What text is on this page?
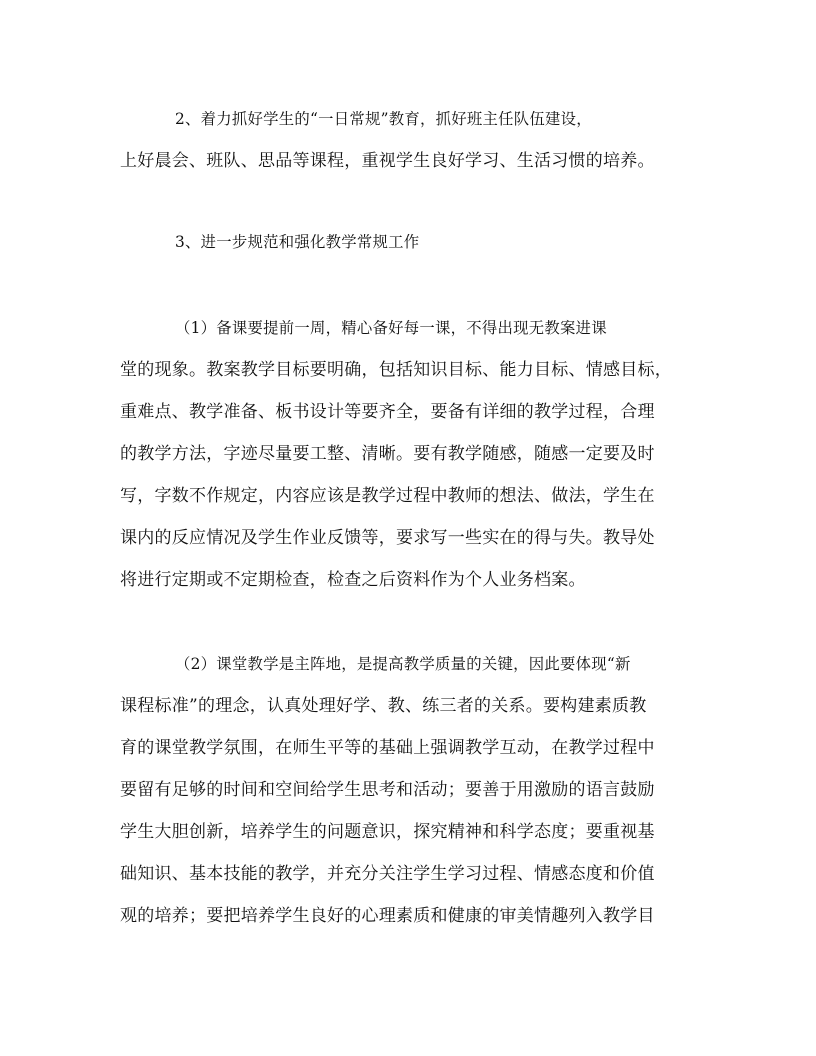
2、着力抓好学生的“一日常规”教育，抓好班主任队伍建设，
上好晨会、班队、思品等课程，重视学生良好学习、生活习惯的培养。
3、进一步规范和强化教学常规工作
（1）备课要提前一周，精心备好每一课，不得出现无教案进课
堂的现象。教案教学目标要明确，包括知识目标、能力目标、情感目标，
重难点、教学准备、板书设计等要齐全，要备有详细的教学过程，合理
的教学方法，字迹尽量要工整、清晰。要有教学随感，随感一定要及时
写，字数不作规定，内容应该是教学过程中教师的想法、做法，学生在
课内的反应情况及学生作业反馈等，要求写一些实在的得与失。教导处
将进行定期或不定期检查，检查之后资料作为个人业务档案。
（2）课堂教学是主阵地，是提高教学质量的关键，因此要体现“新
课程标准”的理念，认真处理好学、教、练三者的关系。要构建素质教
育的课堂教学氛围，在师生平等的基础上强调教学互动，在教学过程中
要留有足够的时间和空间给学生思考和活动；要善于用激励的语言鼓励
学生大胆创新，培养学生的问题意识，探究精神和科学态度；要重视基
础知识、基本技能的教学，并充分关注学生学习过程、情感态度和价值
观的培养；要把培养学生良好的心理素质和健康的审美情趣列入教学目
